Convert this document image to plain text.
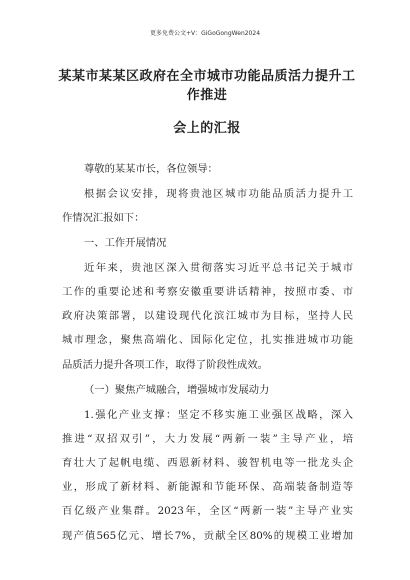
更多免费公文+V：GiGoGongWen2024
某某市某某区政府在全市城市功能品质活力提升工作推进
会上的汇报
尊敬的某某市长，各位领导：
根据会议安排，现将贵池区城市功能品质活力提升工
作情况汇报如下：
一、工作开展情况
近年来，贵池区深入贯彻落实习近平总书记关于城市
工作的重要论述和考察安徽重要讲话精神，按照市委、市
政府决策部署，以建设现代化滨江城市为目标，坚持人民
城市理念，聚焦高端化、国际化定位，扎实推进城市功能
品质活力提升各项工作，取得了阶段性成效。
（一）聚焦产城融合，增强城市发展动力
1.强化产业支撑：坚定不移实施工业强区战略，深入
推进“双招双引”，大力发展“两新一装”主导产业，培
育壮大了起帆电缆、西恩新材料、骏智机电等一批龙头企
业，形成了新材料、新能源和节能环保、高端装备制造等
百亿级产业集群。2023年，全区“两新一装”主导产业实
现产值565亿元、增长7%，贡献全区80%的规模工业增加
